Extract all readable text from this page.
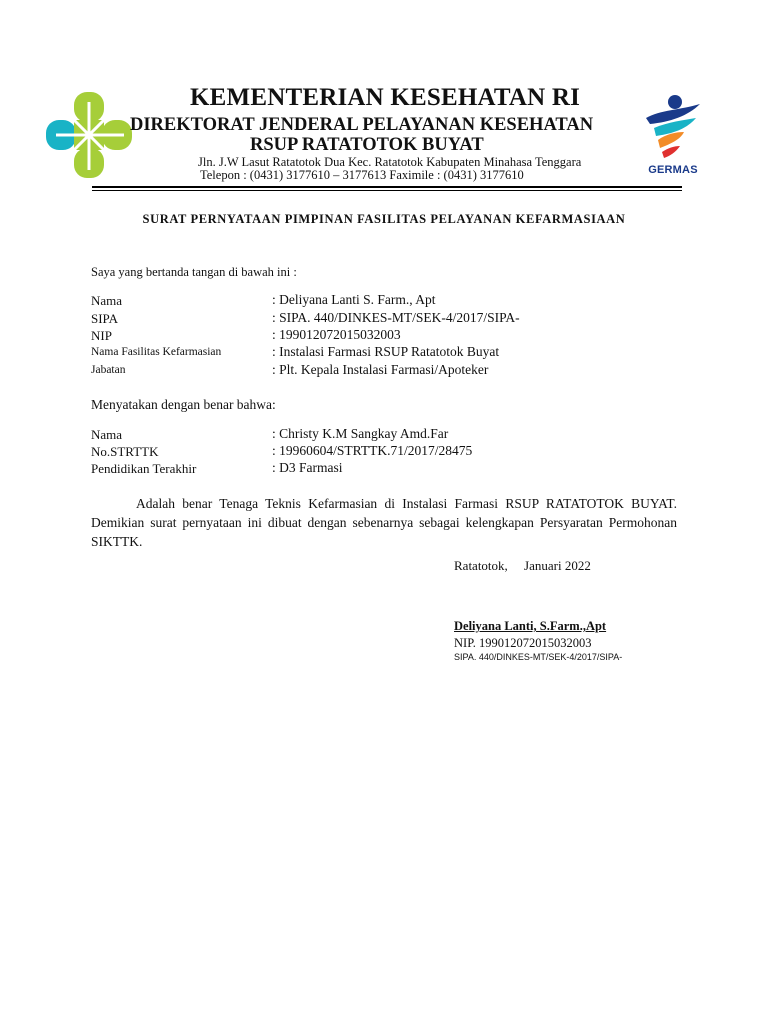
GERMAS
KEMENTERIAN KESEHATAN RI
DIREKTORAT JENDERAL PELAYANAN KESEHATAN
RSUP RATATOTOK BUYAT
Jln. J.W Lasut Ratatotok Dua Kec. Ratatotok Kabupaten Minahasa Tenggara
Telepon : (0431) 3177610 – 3177613 Faximile : (0431) 3177610
SURAT PERNYATAAN PIMPINAN FASILITAS PELAYANAN KEFARMASIAAN
Saya yang bertanda tangan di bawah ini :
Nama	: Deliyana Lanti S. Farm., Apt
SIPA	: SIPA. 440/DINKES-MT/SEK-4/2017/SIPA-
NIP	: 199012072015032003
Nama Fasilitas Kefarmasian	: Instalasi Farmasi RSUP Ratatotok Buyat
Jabatan	: Plt. Kepala Instalasi Farmasi/Apoteker
Menyatakan dengan benar bahwa:
Nama	: Christy K.M Sangkay Amd.Far
No.STRTTK	: 19960604/STRTTK.71/2017/28475
Pendidikan Terakhir	: D3 Farmasi
Adalah benar Tenaga Teknis Kefarmasian di Instalasi Farmasi RSUP RATATOTOK BUYAT. Demikian surat pernyataan ini dibuat dengan sebenarnya sebagai kelengkapan Persyaratan Permohonan SIKTTK.
Ratatotok,     Januari 2022
Deliyana Lanti, S.Farm.,Apt
NIP. 199012072015032003
SIPA. 440/DINKES-MT/SEK-4/2017/SIPA-
